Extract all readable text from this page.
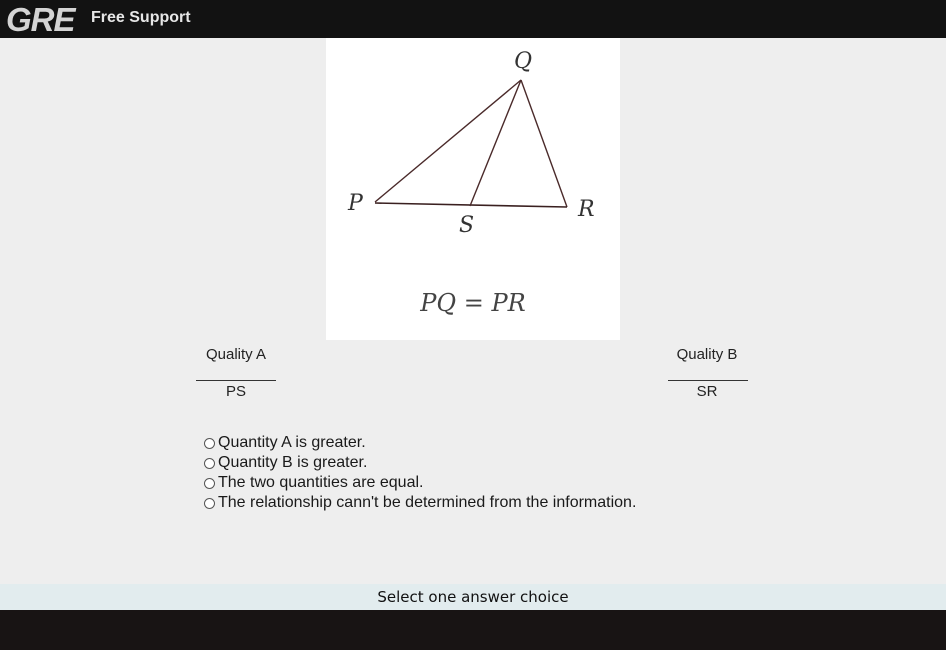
GRE Free Support
Q
P	R
S
PQ = PR
Quality A
PS
Quality B
SR
Quantity A is greater.
Quantity B is greater.
The two quantities are equal.
The relationship cann't be determined from the information.
Select one answer choice
